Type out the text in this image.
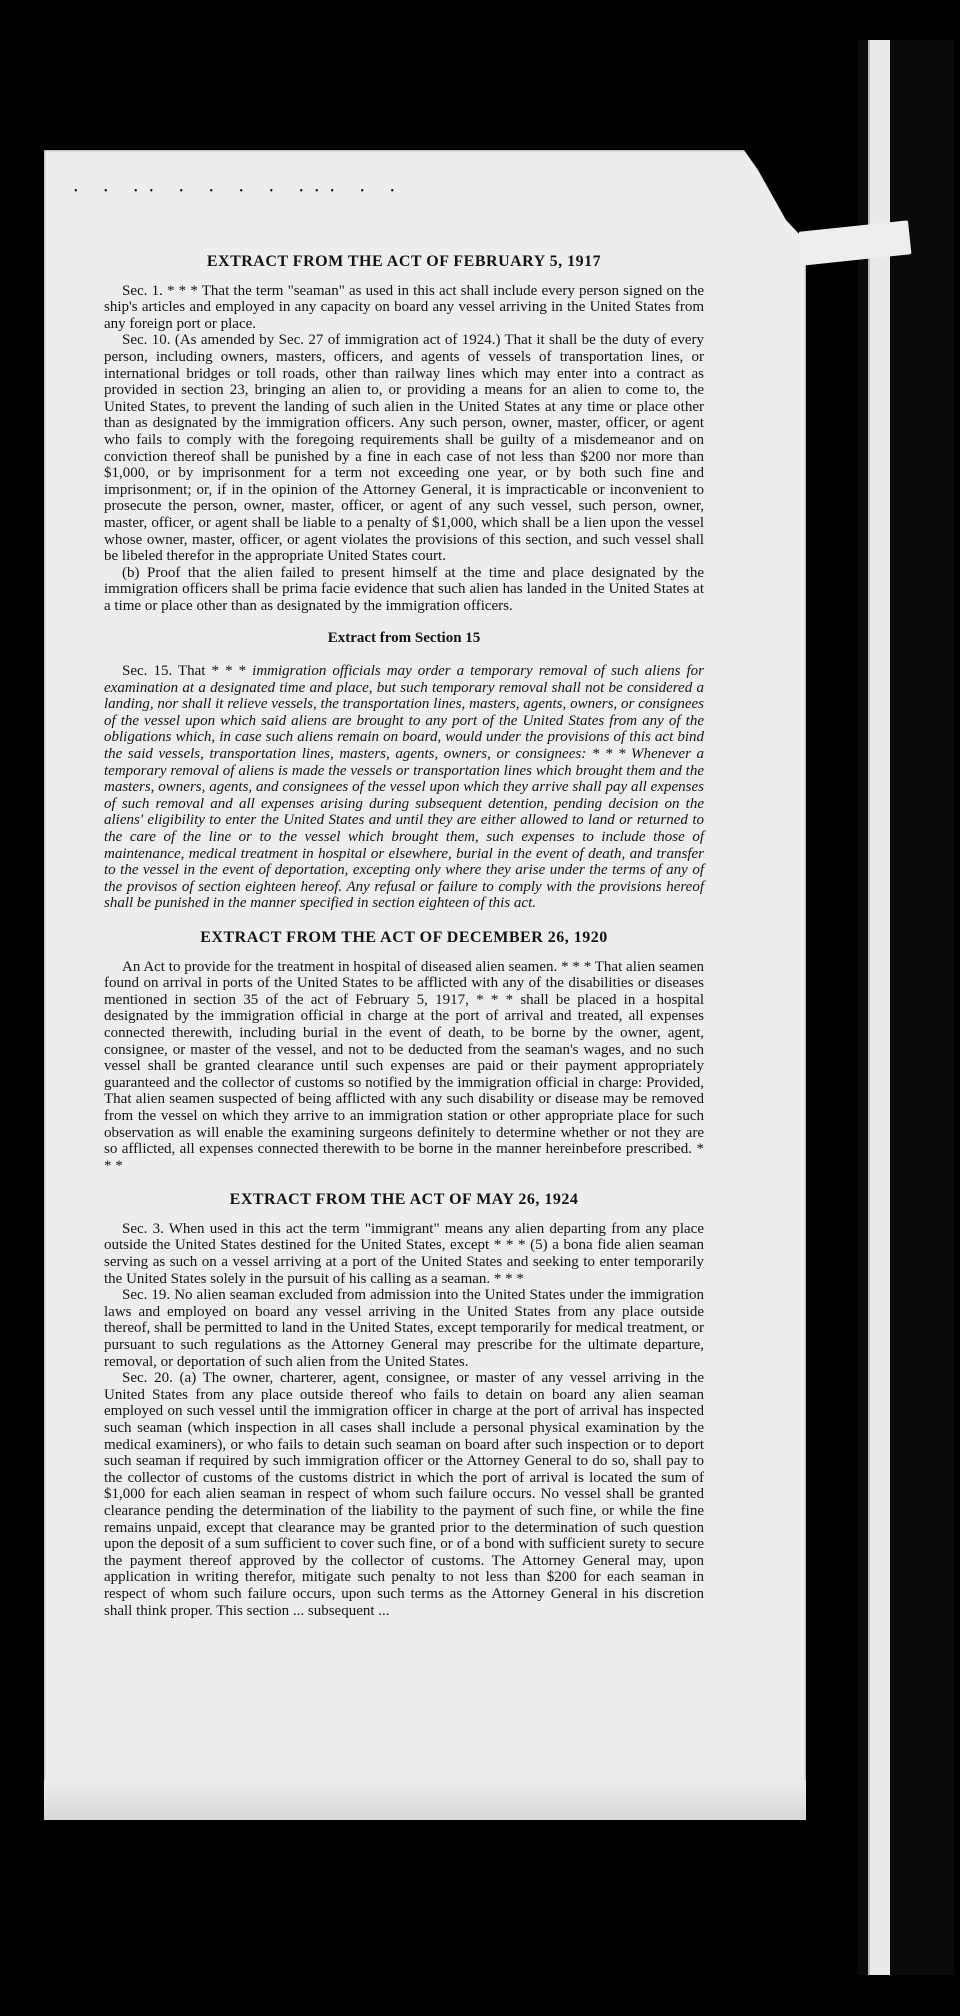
• • •• • • • • ••• • •
EXTRACT FROM THE ACT OF FEBRUARY 5, 1917

Sec. 1. * * * That the term "seaman" as used in this act shall include every person signed on the ship's articles and employed in any capacity on board any vessel arriving in the United States from any foreign port or place.

Sec. 10. (As amended by Sec. 27 of immigration act of 1924.) That it shall be the duty of every person, including owners, masters, officers, and agents of vessels of transportation lines, or international bridges or toll roads, other than railway lines which may enter into a contract as provided in section 23, bringing an alien to, or providing a means for an alien to come to, the United States, to prevent the landing of such alien in the United States at any time or place other than as designated by the immigration officers. Any such person, owner, master, officer, or agent who fails to comply with the foregoing requirements shall be guilty of a misdemeanor and on conviction thereof shall be punished by a fine in each case of not less than $200 nor more than $1,000, or by imprisonment for a term not exceeding one year, or by both such fine and imprisonment; or, if in the opinion of the Attorney General, it is impracticable or inconvenient to prosecute the person, owner, master, officer, or agent of any such vessel, such person, owner, master, officer, or agent shall be liable to a penalty of $1,000, which shall be a lien upon the vessel whose owner, master, officer, or agent violates the provisions of this section, and such vessel shall be libeled therefor in the appropriate United States court.

(b) Proof that the alien failed to present himself at the time and place designated by the immigration officers shall be prima facie evidence that such alien has landed in the United States at a time or place other than as designated by the immigration officers.

Extract from Section 15

Sec. 15. That * * * immigration officials may order a temporary removal of such aliens for examination at a designated time and place, but such temporary removal shall not be considered a landing, nor shall it relieve vessels, the transportation lines, masters, agents, owners, or consignees of the vessel upon which said aliens are brought to any port of the United States from any of the obligations which, in case such aliens remain on board, would under the provisions of this act bind the said vessels, transportation lines, masters, agents, owners, or consignees: * * * Whenever a temporary removal of aliens is made the vessels or transportation lines which brought them and the masters, owners, agents, and consignees of the vessel upon which they arrive shall pay all expenses of such removal and all expenses arising during subsequent detention, pending decision on the aliens' eligibility to enter the United States and until they are either allowed to land or returned to the care of the line or to the vessel which brought them, such expenses to include those of maintenance, medical treatment in hospital or elsewhere, burial in the event of death, and transfer to the vessel in the event of deportation, excepting only where they arise under the terms of any of the provisos of section eighteen hereof. Any refusal or failure to comply with the provisions hereof shall be punished in the manner specified in section eighteen of this act.

EXTRACT FROM THE ACT OF DECEMBER 26, 1920

An Act to provide for the treatment in hospital of diseased alien seamen. * * * That alien seamen found on arrival in ports of the United States to be afflicted with any of the disabilities or diseases mentioned in section 35 of the act of February 5, 1917, * * * shall be placed in a hospital designated by the immigration official in charge at the port of arrival and treated, all expenses connected therewith, including burial in the event of death, to be borne by the owner, agent, consignee, or master of the vessel, and not to be deducted from the seaman's wages, and no such vessel shall be granted clearance until such expenses are paid or their payment appropriately guaranteed and the collector of customs so notified by the immigration official in charge: Provided, That alien seamen suspected of being afflicted with any such disability or disease may be removed from the vessel on which they arrive to an immigration station or other appropriate place for such observation as will enable the examining surgeons definitely to determine whether or not they are so afflicted, all expenses connected therewith to be borne in the manner hereinbefore prescribed. * * *

EXTRACT FROM THE ACT OF MAY 26, 1924

Sec. 3. When used in this act the term "immigrant" means any alien departing from any place outside the United States destined for the United States, except * * * (5) a bona fide alien seaman serving as such on a vessel arriving at a port of the United States and seeking to enter temporarily the United States solely in the pursuit of his calling as a seaman. * * *

Sec. 19. No alien seaman excluded from admission into the United States under the immigration laws and employed on board any vessel arriving in the United States from any place outside thereof, shall be permitted to land in the United States, except temporarily for medical treatment, or pursuant to such regulations as the Attorney General may prescribe for the ultimate departure, removal, or deportation of such alien from the United States.

Sec. 20. (a) The owner, charterer, agent, consignee, or master of any vessel arriving in the United States from any place outside thereof who fails to detain on board any alien seaman employed on such vessel until the immigration officer in charge at the port of arrival has inspected such seaman (which inspection in all cases shall include a personal physical examination by the medical examiners), or who fails to detain such seaman on board after such inspection or to deport such seaman if required by such immigration officer or the Attorney General to do so, shall pay to the collector of customs of the customs district in which the port of arrival is located the sum of $1,000 for each alien seaman in respect of whom such failure occurs. No vessel shall be granted clearance pending the determination of the liability to the payment of such fine, or while the fine remains unpaid, except that clearance may be granted prior to the determination of such question upon the deposit of a sum sufficient to cover such fine, or of a bond with sufficient surety to secure the payment thereof approved by the collector of customs. The Attorney General may, upon application in writing therefor, mitigate such penalty to not less than $200 for each seaman in respect of whom such failure occurs, upon such terms as the Attorney General in his discretion shall think proper. This section ... subsequent ...
